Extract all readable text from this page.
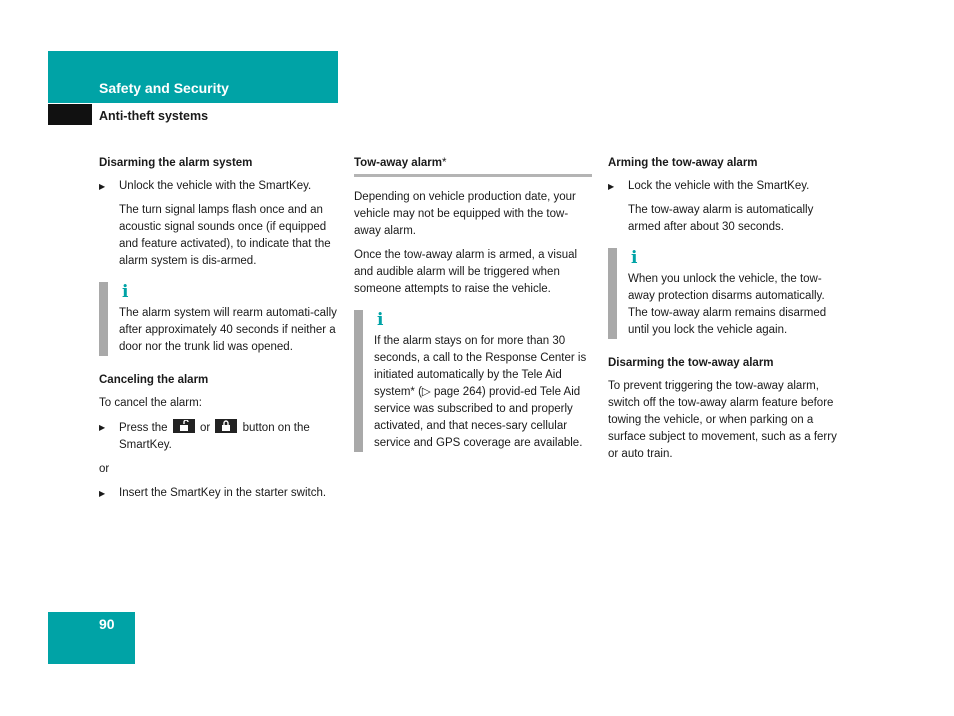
Safety and Security
Anti-theft systems
Disarming the alarm system
▶ Unlock the vehicle with the SmartKey.

The turn signal lamps flash once and an acoustic signal sounds once (if equipped and feature activated), to indicate that the alarm system is dis-armed.

i
The alarm system will rearm automati-cally after approximately 40 seconds if neither a door nor the trunk lid was opened.
Canceling the alarm

To cancel the alarm:

▶ Press the	or	button on the SmartKey.

or

▶ Insert the SmartKey in the starter switch.
Tow-away alarm*

Depending on vehicle production date, your vehicle may not be equipped with the tow-away alarm.

Once the tow-away alarm is armed, a visual and audible alarm will be triggered when someone attempts to raise the vehicle.

i
If the alarm stays on for more than 30 seconds, a call to the Response Center is initiated automatically by the Tele Aid system* (▷ page 264) provid-ed Tele Aid service was subscribed to and properly activated, and that neces-sary cellular service and GPS coverage are available.
Arming the tow-away alarm
▶ Lock the vehicle with the SmartKey.

The tow-away alarm is automatically armed after about 30 seconds.

i
When you unlock the vehicle, the tow-away protection disarms automatically. The tow-away alarm remains disarmed until you lock the vehicle again.
Disarming the tow-away alarm

To prevent triggering the tow-away alarm, switch off the tow-away alarm feature before towing the vehicle, or when parking on a surface subject to movement, such as a ferry or auto train.

90
